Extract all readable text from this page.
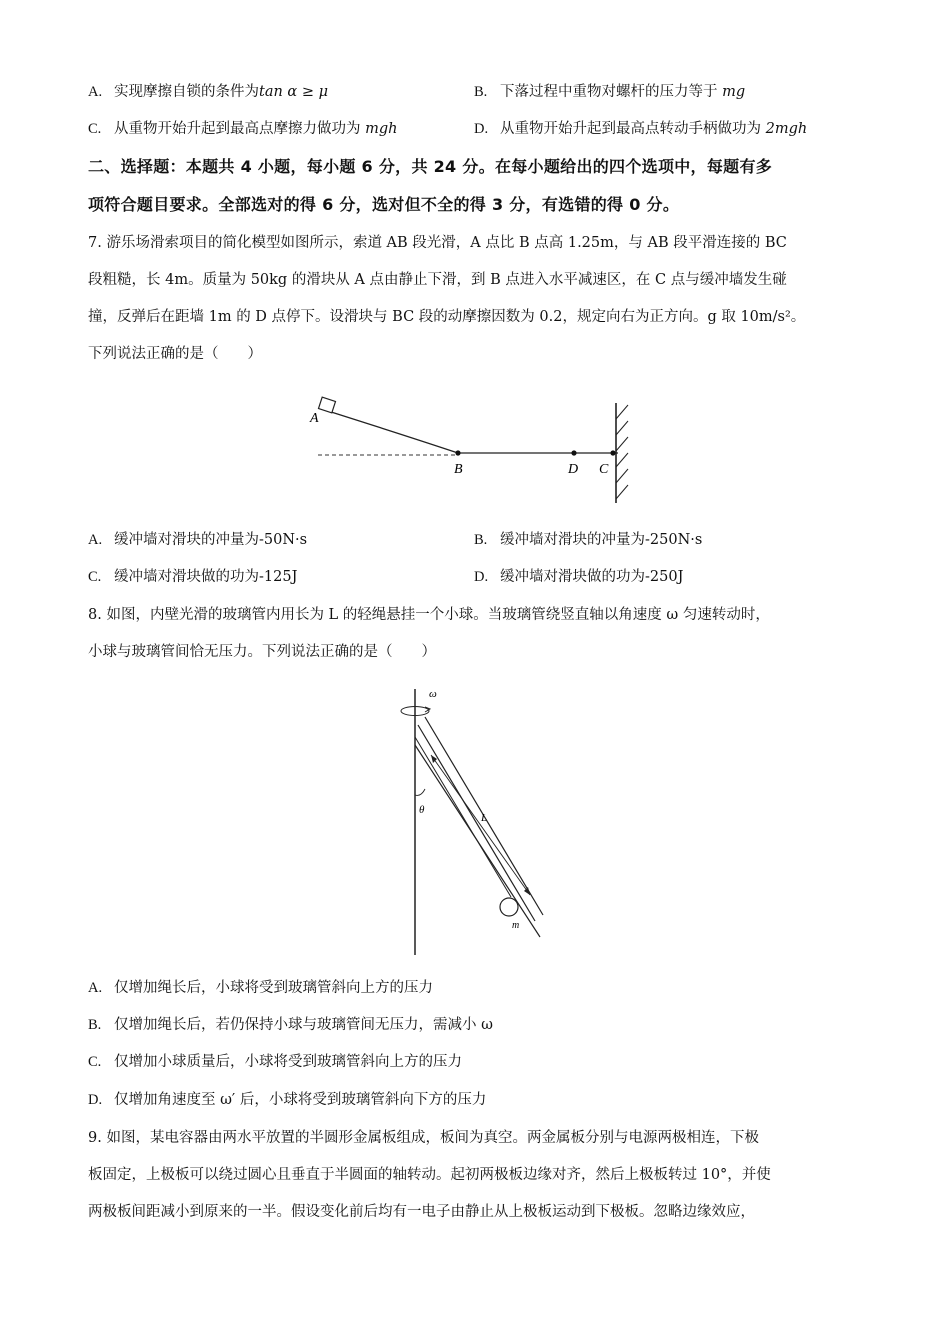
A. 实现摩擦自锁的条件为tan α ≥ μ	B. 下落过程中重物对螺杆的压力等于 mg
C. 从重物开始升起到最高点摩擦力做功为 mgh	D. 从重物开始升起到最高点转动手柄做功为 2mgh
二、选择题：本题共 4 小题，每小题 6 分，共 24 分。在每小题给出的四个选项中，每题有多
项符合题目要求。全部选对的得 6 分，选对但不全的得 3 分，有选错的得 0 分。
7. 游乐场滑索项目的简化模型如图所示，索道 AB 段光滑，A 点比 B 点高 1.25m，与 AB 段平滑连接的 BC
段粗糙，长 4m。质量为 50kg 的滑块从 A 点由静止下滑，到 B 点进入水平减速区，在 C 点与缓冲墙发生碰
撞，反弹后在距墙 1m 的 D 点停下。设滑块与 BC 段的动摩擦因数为 0.2，规定向右为正方向。g 取 10m/s²。
下列说法正确的是（　　）
A
B	D C
A. 缓冲墙对滑块的冲量为-50N·s	B. 缓冲墙对滑块的冲量为-250N·s
C. 缓冲墙对滑块做的功为-125J	D. 缓冲墙对滑块做的功为-250J
8. 如图，内壁光滑的玻璃管内用长为 L 的轻绳悬挂一个小球。当玻璃管绕竖直轴以角速度 ω 匀速转动时，
小球与玻璃管间恰无压力。下列说法正确的是（　　）
ω
θ
L
m
A. 仅增加绳长后，小球将受到玻璃管斜向上方的压力
B. 仅增加绳长后，若仍保持小球与玻璃管间无压力，需减小 ω
C. 仅增加小球质量后，小球将受到玻璃管斜向上方的压力
D. 仅增加角速度至 ω′ 后，小球将受到玻璃管斜向下方的压力
9. 如图，某电容器由两水平放置的半圆形金属板组成，板间为真空。两金属板分别与电源两极相连，下极
板固定，上极板可以绕过圆心且垂直于半圆面的轴转动。起初两极板边缘对齐，然后上极板转过 10°，并使
两极板间距减小到原来的一半。假设变化前后均有一电子由静止从上极板运动到下极板。忽略边缘效应，
